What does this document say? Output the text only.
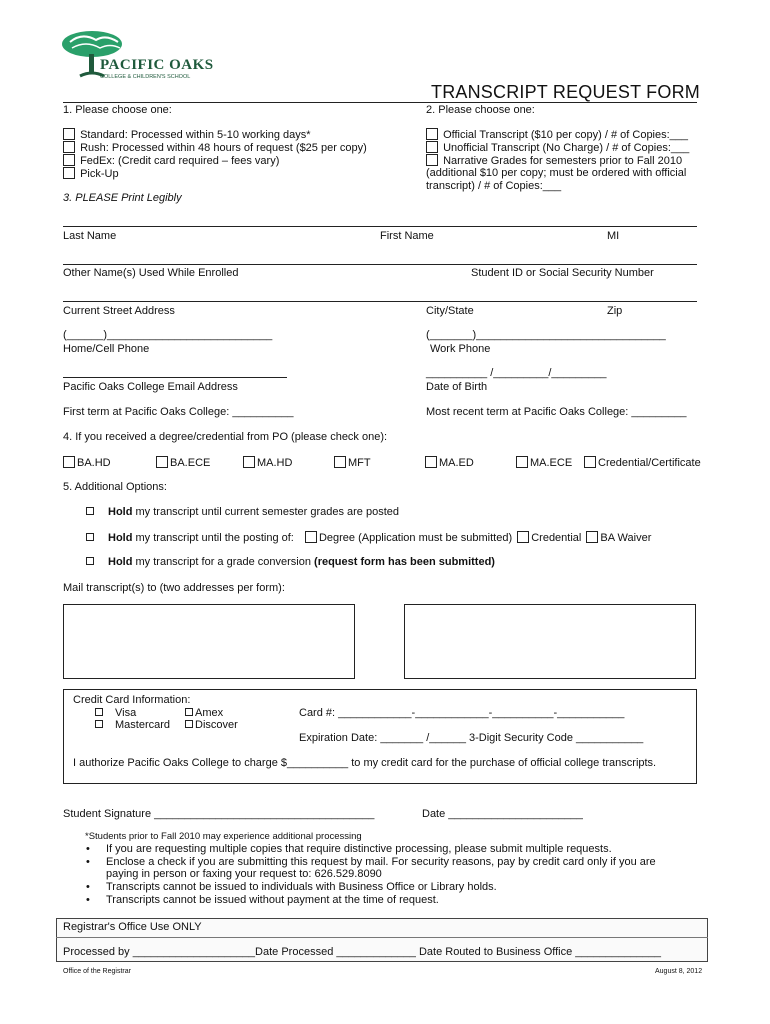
PACIFIC OAKS
COLLEGE & CHILDREN'S SCHOOL
TRANSCRIPT REQUEST FORM
1. Please choose one:
Standard: Processed within 5-10 working days*
Rush: Processed within 48 hours of request ($25 per copy)
FedEx: (Credit card required – fees vary)
Pick-Up
2. Please choose one:
Official Transcript ($10 per copy) / # of Copies:___
Unofficial Transcript (No Charge) / # of Copies:___
Narrative Grades for semesters prior to Fall 2010
(additional $10 per copy; must be ordered with official
transcript) / # of Copies:___
3. PLEASE Print Legibly
Last Name	First Name	MI
Other Name(s) Used While Enrolled	Student ID or Social Security Number
Current Street Address	City/State	Zip
(______)___________________________
Home/Cell Phone
(_______)_______________________________
Work Phone
__________ /_________/_________
Pacific Oaks College Email Address	Date of Birth
First term at Pacific Oaks College: __________	Most recent term at Pacific Oaks College: _________
4. If you received a degree/credential from PO (please check one):
BA.HD	BA.ECE	MA.HD	MFT	MA.ED	MA.ECE	Credential/Certificate
5. Additional Options:
Hold my transcript until current semester grades are posted
Hold my transcript until the posting of: Degree (Application must be submitted) Credential BA Waiver
Hold my transcript for a grade conversion (request form has been submitted)
Mail transcript(s) to (two addresses per form):
Credit Card Information:
Visa	Amex
Mastercard	Discover
Card #: ____________-____________-__________-___________
Expiration Date: _______ /______ 3-Digit Security Code ___________
I authorize Pacific Oaks College to charge $__________ to my credit card for the purchase of official college transcripts.
Student Signature ____________________________________	Date ______________________
*Students prior to Fall 2010 may experience additional processing
• If you are requesting multiple copies that require distinctive processing, please submit multiple requests.
• Enclose a check if you are submitting this request by mail. For security reasons, pay by credit card only if you are
paying in person or faxing your request to: 626.529.8090
• Transcripts cannot be issued to individuals with Business Office or Library holds.
• Transcripts cannot be issued without payment at the time of request.
Registrar's Office Use ONLY
Processed by ____________________Date Processed _____________ Date Routed to Business Office ______________
Office of the Registrar	August 8, 2012
